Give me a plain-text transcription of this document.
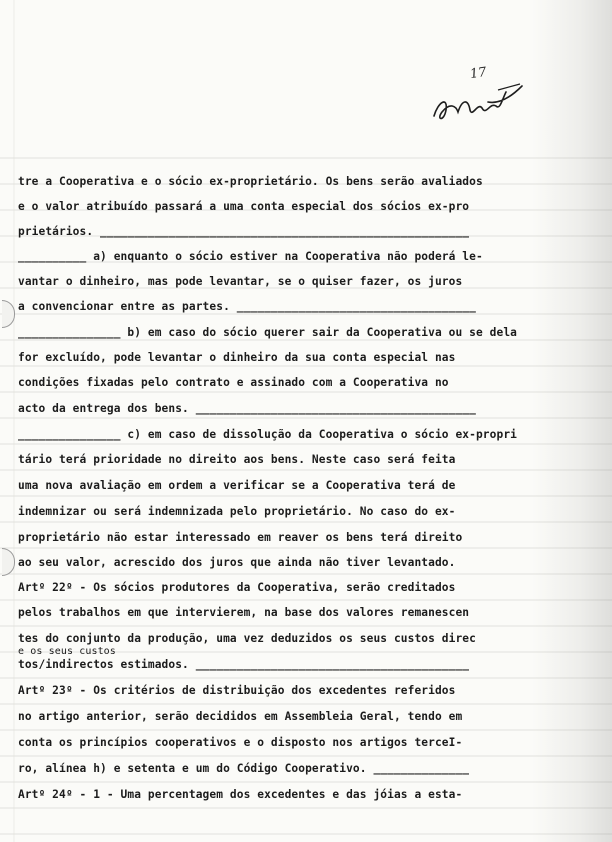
17
tre a Cooperativa e o sócio ex-proprietário. Os bens serão avaliados
e o valor atribuído passará a uma conta especial dos sócios ex-pro
prietários. ______________________________________________________
__________ a) enquanto o sócio estiver na Cooperativa não poderá le-
vantar o dinheiro, mas pode levantar, se o quiser fazer, os juros
a convencionar entre as partes. ___________________________________
_______________ b) em caso do sócio querer sair da Cooperativa ou se dela
for excluído, pode levantar o dinheiro da sua conta especial nas
condições fixadas pelo contrato e assinado com a Cooperativa no
acto da entrega dos bens. _________________________________________
_______________ c) em caso de dissolução da Cooperativa o sócio ex-propri
tário terá prioridade no direito aos bens. Neste caso será feita
uma nova avaliação em ordem a verificar se a Cooperativa terá de
indemnizar ou será indemnizada pelo proprietário. No caso do ex-
proprietário não estar interessado em reaver os bens terá direito
ao seu valor, acrescido dos juros que ainda não tiver levantado.
Artº 22º - Os sócios produtores da Cooperativa, serão creditados
pelos trabalhos em que intervierem, na base dos valores remanescen
tes do conjunto da produção, uma vez deduzidos os seus custos direc
e os seus custos
tos/indirectos estimados. ________________________________________
Artº 23º - Os critérios de distribuição dos excedentes referidos
no artigo anterior, serão decididos em Assembleia Geral, tendo em
conta os princípios cooperativos e o disposto nos artigos terceI-
ro, alínea h) e setenta e um do Código Cooperativo. ______________
Artº 24º - 1 - Uma percentagem dos excedentes e das jóias a esta-
